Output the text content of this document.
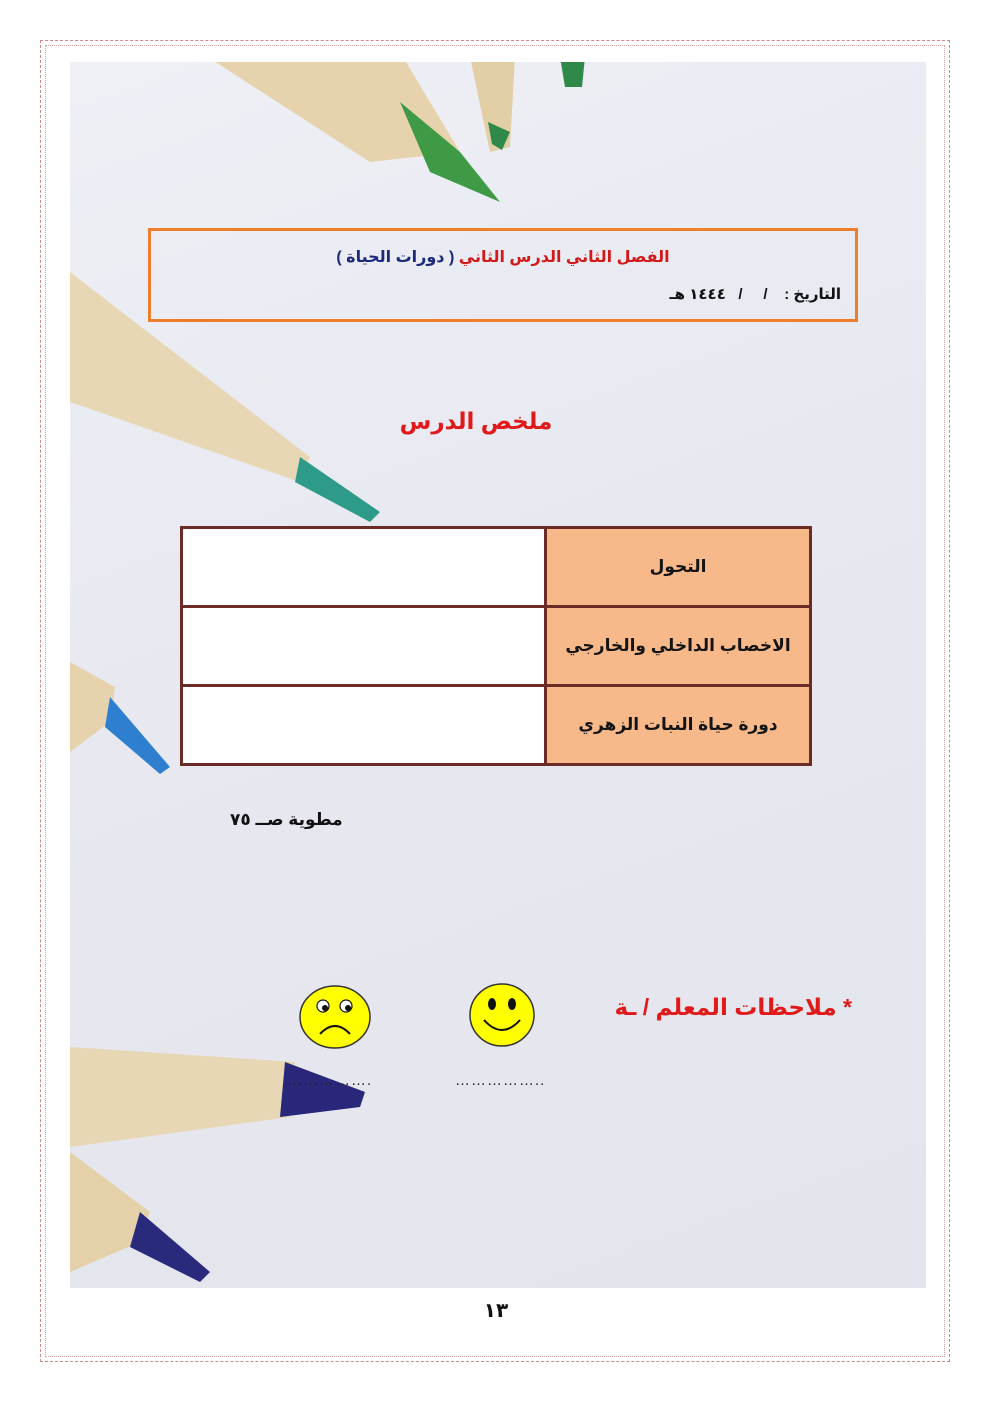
الفصل الثاني الدرس الثاني ( دورات الحياة )
التاريخ :    /     /   ١٤٤٤ هـ
ملخص الدرس
التحول	
الاخصاب الداخلي والخارجي	
دورة حياة النبات الزهري	
مطوية صــ ٧٥
* ملاحظات المعلم / ـة
……………..
…………….
١٣
